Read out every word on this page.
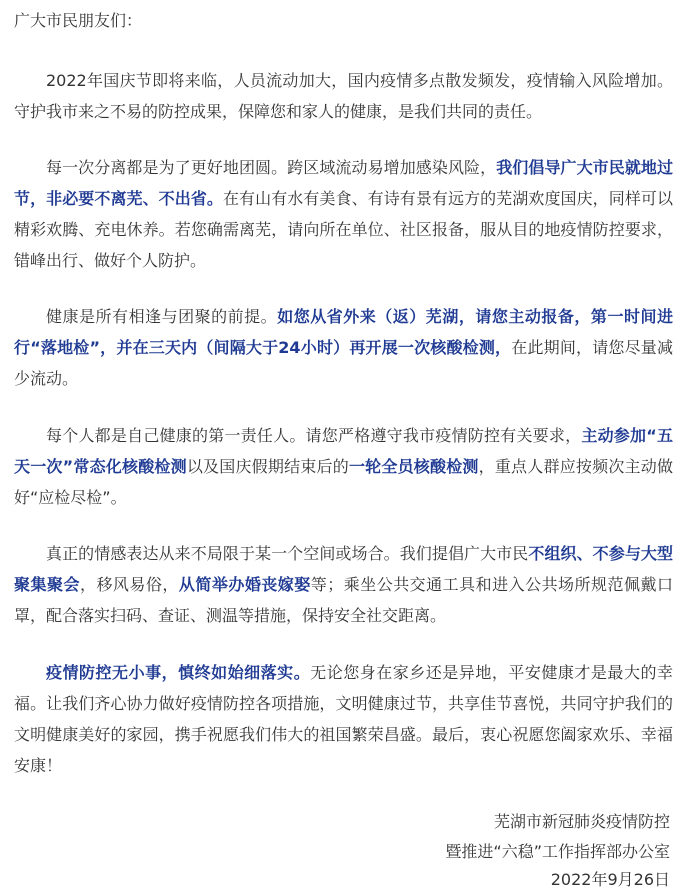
广大市民朋友们：

2022年国庆节即将来临，人员流动加大，国内疫情多点散发频发，疫情输入风险增加。守护我市来之不易的防控成果，保障您和家人的健康，是我们共同的责任。

每一次分离都是为了更好地团圆。跨区域流动易增加感染风险，我们倡导广大市民就地过节，非必要不离芜、不出省。在有山有水有美食、有诗有景有远方的芜湖欢度国庆，同样可以精彩欢腾、充电休养。若您确需离芜，请向所在单位、社区报备，服从目的地疫情防控要求，错峰出行、做好个人防护。

健康是所有相逢与团聚的前提。如您从省外来（返）芜湖，请您主动报备，第一时间进行“落地检”，并在三天内（间隔大于24小时）再开展一次核酸检测，在此期间，请您尽量减少流动。

每个人都是自己健康的第一责任人。请您严格遵守我市疫情防控有关要求，主动参加“五天一次”常态化核酸检测以及国庆假期结束后的一轮全员核酸检测，重点人群应按频次主动做好“应检尽检”。

真正的情感表达从来不局限于某一个空间或场合。我们提倡广大市民不组织、不参与大型聚集聚会，移风易俗，从简举办婚丧嫁娶等；乘坐公共交通工具和进入公共场所规范佩戴口罩，配合落实扫码、查证、测温等措施，保持安全社交距离。

疫情防控无小事，慎终如始细落实。无论您身在家乡还是异地，平安健康才是最大的幸福。让我们齐心协力做好疫情防控各项措施，文明健康过节，共享佳节喜悦，共同守护我们的文明健康美好的家园，携手祝愿我们伟大的祖国繁荣昌盛。最后，衷心祝愿您阖家欢乐、幸福安康！

芜湖市新冠肺炎疫情防控

暨推进“六稳”工作指挥部办公室

2022年9月26日
